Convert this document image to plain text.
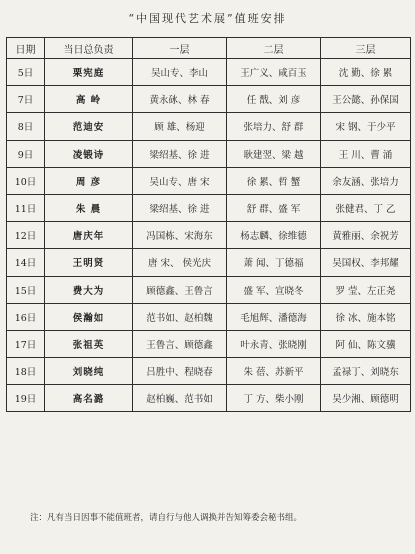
“中国现代艺术展”值班安排
日期	当日总负责	一层	二层	三层
5日	栗宪庭	吴山专、李山	王广义、咸百玉	沈 勤、徐 累
7日	高 岭	黄永砯、林 春	任 戬、刘 彦	王公懿、孙保国
8日	范迪安	顾 雄、杨迎	张培力、舒 群	宋 钢、于少平
9日	凌锻诗	梁绍基、徐 进	耿建翌、梁 越	王 川、曹 涌
10日	周 彦	吴山专、唐 宋	徐 累、哲 蟹	余友涵、张培力
11日	朱 晨	梁绍基、徐 进	舒 群、盛 军	张健君、丁 乙
12日	唐庆年	冯国栋、宋海东	杨志麟、徐维德	黄雅丽、余祝芳
14日	王明贤	唐 宋、 侯光庆	萧 闻、丁德福	吴国权、李邦耀
15日	费大为	顾德鑫、王鲁言	盛 军、宣晓冬	罗 莹、左正尧
16日	侯瀚如	范书如、赵柏魏	毛旭辉、潘德海	徐 冰、施本铭
17日	张祖英	王鲁言、顾德鑫	叶永青、张晓刚	阿 仙、陈文骥
18日	刘晓纯	吕胜中、程晓春	朱 蓓、苏新平	孟禄丁、刘晓东
19日	高名潞	赵柏巍、范书如	丁 方、柴小刚	吴少湘、顾德明
注：凡有当日因事不能值班者，请自行与他人调换并告知筹委会秘书组。
